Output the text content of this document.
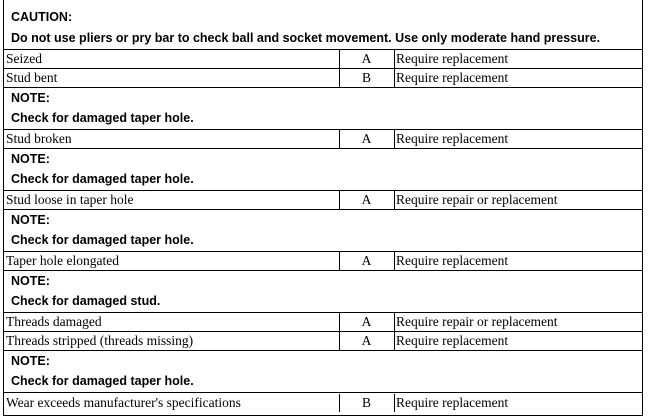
CAUTION:
Do not use pliers or pry bar to check ball and socket movement. Use only moderate hand pressure.
Seized	A	Require replacement
Stud bent	B	Require replacement
NOTE:
Check for damaged taper hole.
Stud broken	A	Require replacement
NOTE:
Check for damaged taper hole.
Stud loose in taper hole	A	Require repair or replacement
NOTE:
Check for damaged taper hole.
Taper hole elongated	A	Require replacement
NOTE:
Check for damaged stud.
Threads damaged	A	Require repair or replacement
Threads stripped (threads missing)	A	Require replacement
NOTE:
Check for damaged taper hole.
Wear exceeds manufacturer's specifications	B	Require replacement
